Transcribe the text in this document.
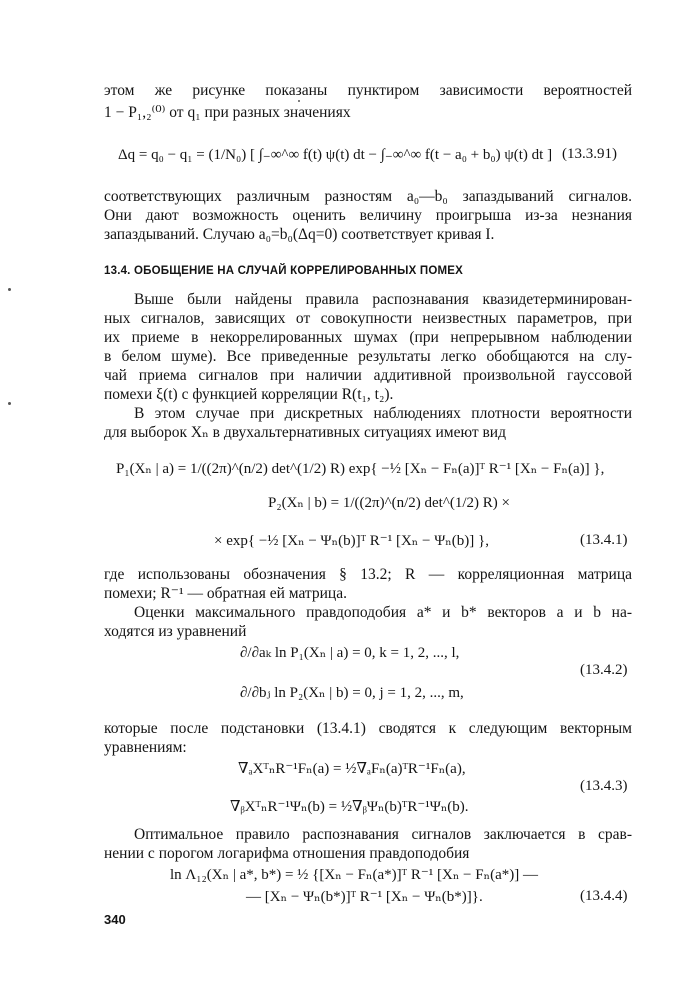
этом же рисунке показаны пунктиром зависимости вероятностей
1 − P₁,₂⁽⁰⁾ от q₁ при разных значениях
Δq = q₀ − q₁ = (1/N₀) [ ∫₋∞^∞ f(t) ψ(t) dt − ∫₋∞^∞ f(t − a₀ + b₀) ψ(t) dt ] (13.3.91)
соответствующих различным разностям a₀—b₀ запаздываний сигналов.
Они дают возможность оценить величину проигрыша из-за незнания
запаздываний. Случаю a₀=b₀(Δq=0) соответствует кривая I.
13.4. ОБОБЩЕНИЕ НА СЛУЧАЙ КОРРЕЛИРОВАННЫХ ПОМЕХ
Выше были найдены правила распознавания квазидетерминирован-
ных сигналов, зависящих от совокупности неизвестных параметров, при
их приеме в некоррелированных шумах (при непрерывном наблюдении
в белом шуме). Все приведенные результаты легко обобщаются на слу-
чай приема сигналов при наличии аддитивной произвольной гауссовой
помехи ξ(t) с функцией корреляции R(t₁, t₂).
В этом случае при дискретных наблюдениях плотности вероятности
для выборок Xₙ в двухальтернативных ситуациях имеют вид
P₁(Xₙ | a) = 1/((2π)^(n/2) det^(1/2) R) exp{ −½ [Xₙ − Fₙ(a)]ᵀ R⁻¹ [Xₙ − Fₙ(a)] },
P₂(Xₙ | b) = 1/((2π)^(n/2) det^(1/2) R) ×
× exp{ −½ [Xₙ − Ψₙ(b)]ᵀ R⁻¹ [Xₙ − Ψₙ(b)] },	(13.4.1)
где использованы обозначения § 13.2; R — корреляционная матрица
помехи; R⁻¹ — обратная ей матрица.
Оценки максимального правдоподобия a* и b* векторов a и b на-
ходятся из уравнений
∂/∂aₖ ln P₁(Xₙ | a) = 0, k = 1, 2, ..., l,
(13.4.2)
∂/∂bⱼ ln P₂(Xₙ | b) = 0, j = 1, 2, ..., m,
которые после подстановки (13.4.1) сводятся к следующим векторным
уравнениям:
∇ₐXᵀₙR⁻¹Fₙ(a) = ½∇ₐFₙ(a)ᵀR⁻¹Fₙ(a),
(13.4.3)
∇ᵦXᵀₙR⁻¹Ψₙ(b) = ½∇ᵦΨₙ(b)ᵀR⁻¹Ψₙ(b).
Оптимальное правило распознавания сигналов заключается в срав-
нении с порогом логарифма отношения правдоподобия
ln Λ₁₂(Xₙ | a*, b*) = ½ {[Xₙ − Fₙ(a*)]ᵀ R⁻¹ [Xₙ − Fₙ(a*)] —
— [Xₙ − Ψₙ(b*)]ᵀ R⁻¹ [Xₙ − Ψₙ(b*)]}.	(13.4.4)
340
